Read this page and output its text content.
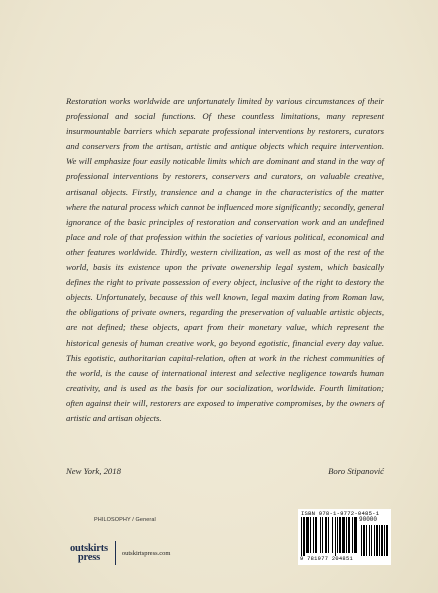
Restoration works worldwide are unfortunately limited by various circumstances of their professional and social functions. Of these countless limitations, many represent insurmountable barriers which separate professional interventions by restorers, curators and conservers from the artisan, artistic and antique objects which require intervention. We will emphasize four easily noticable limits which are dominant and stand in the way of professional interventions by restorers, conservers and curators, on valuable creative, artisanal objects. Firstly, transience and a change in the characteristics of the matter where the natural process which cannot be influenced more significantly; secondly, general ignorance of the basic principles of restoration and conservation work and an undefined place and role of that profession within the societies of various political, economical and other features worldwide. Thirdly, western civilization, as well as most of the rest of the world, basis its existence upon the private owenership legal system, which basically defines the right to private possession of every object, inclusive of the right to destory the objects. Unfortunately, because of this well known, legal maxim dating from Roman law, the obligations of private owners, regarding the preservation of valuable artistic objects, are not defined; these objects, apart from their monetary value, which represent the historical genesis of human creative work, go beyond egotistic, financial every day value. This egotistic, authoritarian capital-relation, often at work in the richest communities of the world, is the cause of international interest and selective negligence towards human creativity, and is used as the basis for our socialization, worldwide. Fourth limitation; often against their will, restorers are exposed to imperative compromises, by the owners of artistic and artisan objects.
New York, 2018	Boro Stipanović
PHILOSOPHY / General
outskirts
press	outskirtspress.com
ISBN 978-1-9772-0485-1
90000
9 781977 204851
